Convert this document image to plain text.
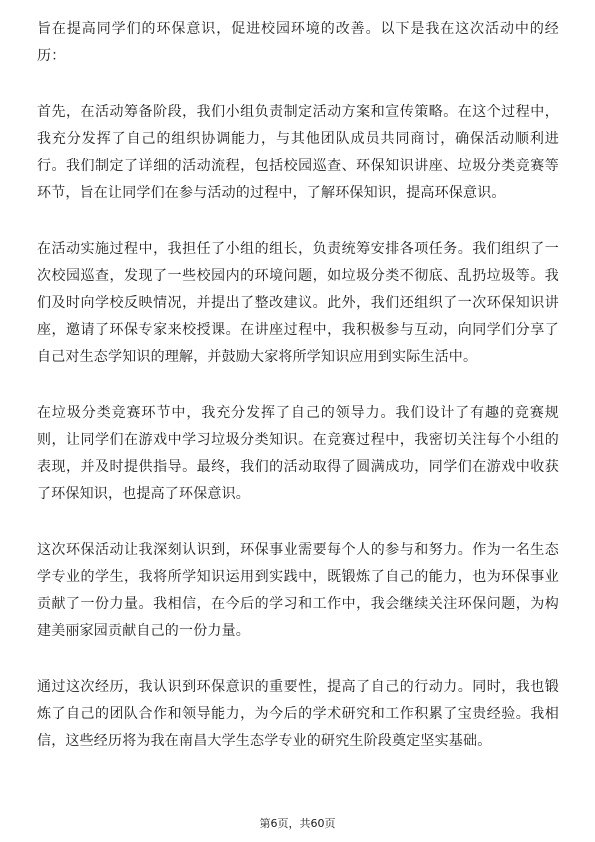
旨在提高同学们的环保意识，促进校园环境的改善。以下是我在这次活动中的经历：

首先，在活动筹备阶段，我们小组负责制定活动方案和宣传策略。在这个过程中，我充分发挥了自己的组织协调能力，与其他团队成员共同商讨，确保活动顺利进行。我们制定了详细的活动流程，包括校园巡查、环保知识讲座、垃圾分类竞赛等环节，旨在让同学们在参与活动的过程中，了解环保知识，提高环保意识。

在活动实施过程中，我担任了小组的组长，负责统筹安排各项任务。我们组织了一次校园巡查，发现了一些校园内的环境问题，如垃圾分类不彻底、乱扔垃圾等。我们及时向学校反映情况，并提出了整改建议。此外，我们还组织了一次环保知识讲座，邀请了环保专家来校授课。在讲座过程中，我积极参与互动，向同学们分享了自己对生态学知识的理解，并鼓励大家将所学知识应用到实际生活中。

在垃圾分类竞赛环节中，我充分发挥了自己的领导力。我们设计了有趣的竞赛规则，让同学们在游戏中学习垃圾分类知识。在竞赛过程中，我密切关注每个小组的表现，并及时提供指导。最终，我们的活动取得了圆满成功，同学们在游戏中收获了环保知识，也提高了环保意识。

这次环保活动让我深刻认识到，环保事业需要每个人的参与和努力。作为一名生态学专业的学生，我将所学知识运用到实践中，既锻炼了自己的能力，也为环保事业贡献了一份力量。我相信，在今后的学习和工作中，我会继续关注环保问题，为构建美丽家园贡献自己的一份力量。

通过这次经历，我认识到环保意识的重要性，提高了自己的行动力。同时，我也锻炼了自己的团队合作和领导能力，为今后的学术研究和工作积累了宝贵经验。我相信，这些经历将为我在南昌大学生态学专业的研究生阶段奠定坚实基础。

第6页，共60页
